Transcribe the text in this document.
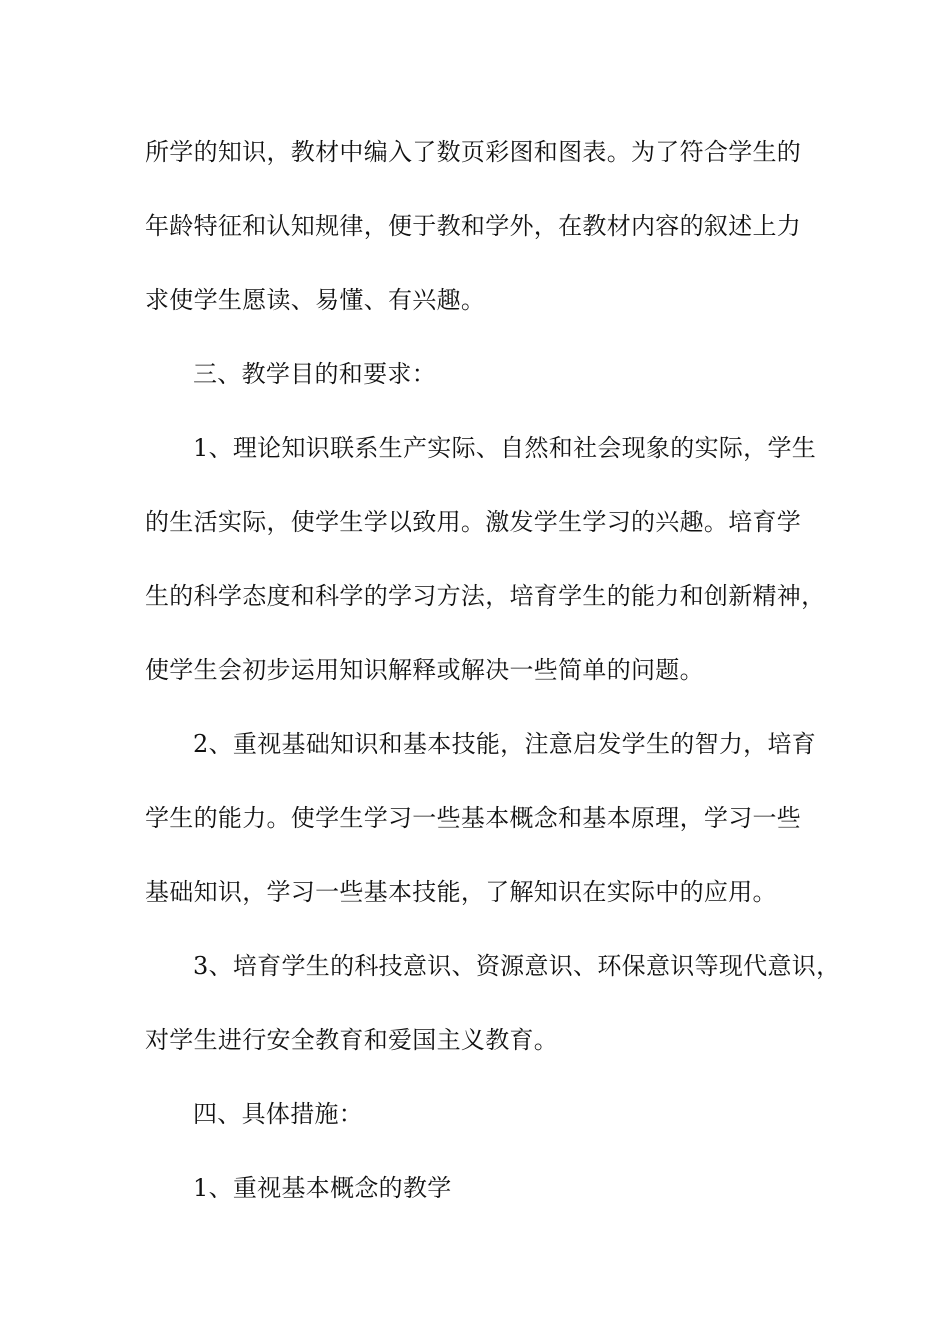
所学的知识，教材中编入了数页彩图和图表。为了符合学生的
年龄特征和认知规律，便于教和学外，在教材内容的叙述上力
求使学生愿读、易懂、有兴趣。
三、教学目的和要求：
1、理论知识联系生产实际、自然和社会现象的实际，学生
的生活实际，使学生学以致用。激发学生学习的兴趣。培育学
生的科学态度和科学的学习方法，培育学生的能力和创新精神，
使学生会初步运用知识解释或解决一些简单的问题。
2、重视基础知识和基本技能，注意启发学生的智力，培育
学生的能力。使学生学习一些基本概念和基本原理，学习一些
基础知识，学习一些基本技能，了解知识在实际中的应用。
3、培育学生的科技意识、资源意识、环保意识等现代意识，
对学生进行安全教育和爱国主义教育。
四、具体措施：
1、重视基本概念的教学
